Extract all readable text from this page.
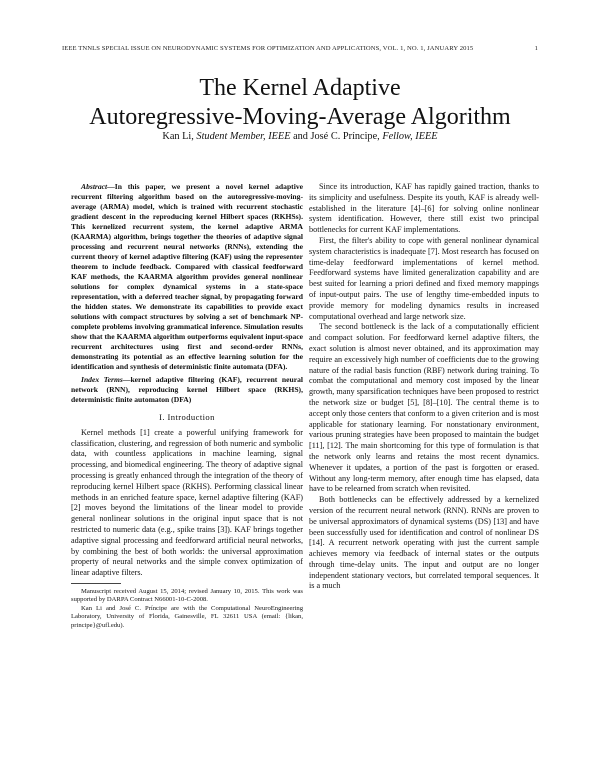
IEEE TNNLS SPECIAL ISSUE ON NEURODYNAMIC SYSTEMS FOR OPTIMIZATION AND APPLICATIONS, VOL. 1, NO. 1, JANUARY 2015	1
The Kernel Adaptive
Autoregressive-Moving-Average Algorithm
Kan Li, Student Member, IEEE and José C. Príncipe, Fellow, IEEE

Abstract—In this paper, we present a novel kernel adaptive recurrent filtering algorithm based on the autoregressive-moving-average (ARMA) model, which is trained with recurrent stochastic gradient descent in the reproducing kernel Hilbert spaces (RKHSs). This kernelized recurrent system, the kernel adaptive ARMA (KAARMA) algorithm, brings together the theories of adaptive signal processing and recurrent neural networks (RNNs), extending the current theory of kernel adaptive filtering (KAF) using the representer theorem to include feedback. Compared with classical feedforward KAF methods, the KAARMA algorithm provides general nonlinear solutions for complex dynamical systems in a state-space representation, with a deferred teacher signal, by propagating forward the hidden states. We demonstrate its capabilities to provide exact solutions with compact structures by solving a set of benchmark NP-complete problems involving grammatical inference. Simulation results show that the KAARMA algorithm outperforms equivalent input-space recurrent architectures using first and second-order RNNs, demonstrating its potential as an effective learning solution for the identification and synthesis of deterministic finite automata (DFA).

Index Terms—kernel adaptive filtering (KAF), recurrent neural network (RNN), reproducing kernel Hilbert space (RKHS), deterministic finite automaton (DFA)

I. Introduction

Kernel methods [1] create a powerful unifying framework for classification, clustering, and regression of both numeric and symbolic data, with countless applications in machine learning, signal processing, and biomedical engineering. The theory of adaptive signal processing is greatly enhanced through the integration of the theory of reproducing kernel Hilbert space (RKHS). Performing classical linear methods in an enriched feature space, kernel adaptive filtering (KAF) [2] moves beyond the limitations of the linear model to provide general nonlinear solutions in the original input space that is not restricted to numeric data (e.g., spike trains [3]). KAF brings together adaptive signal processing and feedforward artificial neural networks, by combining the best of both worlds: the universal approximation property of neural networks and the simple convex optimization of linear adaptive filters.

Manuscript received August 15, 2014; revised January 10, 2015. This work was supported by DARPA Contract N66001-10-C-2008.

Kan Li and José C. Príncipe are with the Computational NeuroEngineering Laboratory, University of Florida, Gainesville, FL 32611 USA (email: {likan, principe}@ufl.edu).

Since its introduction, KAF has rapidly gained traction, thanks to its simplicity and usefulness. Despite its youth, KAF is already well-established in the literature [4]–[6] for solving online nonlinear system identification. However, there still exist two principal bottlenecks for current KAF implementations.

First, the filter's ability to cope with general nonlinear dynamical system characteristics is inadequate [7]. Most research has focused on time-delay feedforward implementations of kernel method. Feedforward systems have limited generalization capability and are best suited for learning a priori defined and fixed memory mappings of input-output pairs. The use of lengthy time-embedded inputs to provide memory for modeling dynamics results in increased computational overhead and large network size.

The second bottleneck is the lack of a computationally efficient and compact solution. For feedforward kernel adaptive filters, the exact solution is almost never obtained, and its approximation may require an excessively high number of coefficients due to the growing nature of the radial basis function (RBF) network during training. To combat the computational and memory cost imposed by the linear growth, many sparsification techniques have been proposed to restrict the network size or budget [5], [8]–[10]. The central theme is to accept only those centers that conform to a given criterion and is most applicable for stationary learning. For nonstationary environment, various pruning strategies have been proposed to maintain the budget [11], [12]. The main shortcoming for this type of formulation is that the network only learns and retains the most recent dynamics. Whenever it updates, a portion of the past is forgotten or erased. Without any long-term memory, after enough time has elapsed, data have to be relearned from scratch when revisited.

Both bottlenecks can be effectively addressed by a kernelized version of the recurrent neural network (RNN). RNNs are proven to be universal approximators of dynamical systems (DS) [13] and have been successfully used for identification and control of nonlinear DS [14]. A recurrent network operating with just the current sample achieves memory via feedback of internal states or the outputs through time-delay units. The input and output are no longer independent stationary vectors, but correlated temporal sequences. It is a much
